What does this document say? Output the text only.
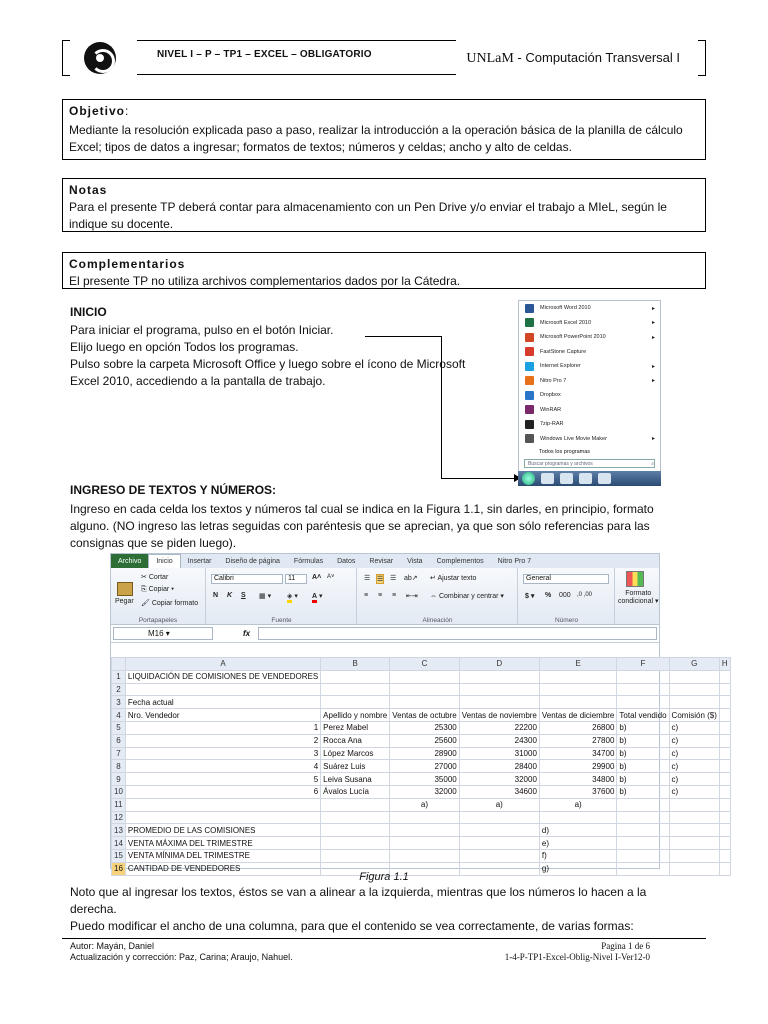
NIVEL I – P – TP1 – EXCEL – OBLIGATORIO	UNLaM - Computación Transversal I
Objetivo:
Mediante la resolución explicada paso a paso, realizar la introducción a la operación básica de la planilla de cálculo Excel; tipos de datos a ingresar; formatos de textos; números y celdas; ancho y alto de celdas.
Notas
Para el presente TP deberá contar para almacenamiento con un Pen Drive y/o enviar el trabajo a MIeL, según le indique su docente.
Complementarios
El presente TP no utiliza archivos complementarios dados por la Cátedra.
INICIO
Para iniciar el programa, pulso en el botón Iniciar.
Elijo luego en opción Todos los programas.
Pulso sobre la carpeta Microsoft Office y luego sobre el ícono de Microsoft
Excel 2010, accediendo a la pantalla de trabajo.
Microsoft Word 2010	▸
Microsoft Excel 2010	▸
Microsoft PowerPoint 2010	▸
FastStone Capture
Internet Explorer	▸
Nitro Pro 7	▸
Dropbox
WinRAR
7zip-RAR
Windows Live Movie Maker	▸
Todos los programas
Buscar programas y archivos	⌕
INGRESO DE TEXTOS Y NÚMEROS:
Ingreso en cada celda los textos y números tal cual se indica en la Figura 1.1, sin darles, en principio, formato
alguno. (NO ingreso las letras seguidas con paréntesis que se aprecian, ya que son sólo referencias para las
consignas que se piden luego).
Archivo	Inicio	Insertar	Diseño de página	Fórmulas	Datos	Revisar	Vista	Complementos	Nitro Pro 7
Pegar
✂ Cortar
⎘ Copiar ▾
🖌 Copiar formato
Portapapeles
Calibri	11	A˄ A˅
N K S ▦ ▾ ◈ ▾ A ▾
Fuente
☰ ☰ ☰ ab↗
≡ ≡ ≡ ⇤⇥
↵ Ajustar texto
⇔ Combinar y centrar ▾
Alineación
General
$ ▾ % 000 ,0 ,00
Número
Formato
condicional ▾
M16 ▾	fx
	A	B	C	D	E	F	G	H
1	LIQUIDACIÓN DE COMISIONES DE VENDEDORES							
2								
3	Fecha actual							
4	Nro. Vendedor	Apellido y nombre	Ventas de octubre	Ventas de noviembre	Ventas de diciembre	Total vendido	Comisión ($)	
5	1	Perez Mabel	25300	22200	26800	b)	c)	
6	2	Rocca Ana	25600	24300	27800	b)	c)	
7	3	López Marcos	28900	31000	34700	b)	c)	
8	4	Suárez Luis	27000	28400	29900	b)	c)	
9	5	Leiva Susana	35000	32000	34800	b)	c)	
10	6	Ávalos Lucía	32000	34600	37600	b)	c)	
11			a)	a)	a)			
12								
13	PROMEDIO DE LAS COMISIONES				d)			
14	VENTA MÁXIMA DEL TRIMESTRE				e)			
15	VENTA MÍNIMA DEL TRIMESTRE				f)			
16	CANTIDAD DE VENDEDORES				g)			
Figura 1.1
Noto que al ingresar los textos, éstos se van a alinear a la izquierda, mientras que los números lo hacen a la
derecha.
Puedo modificar el ancho de una columna, para que el contenido se vea correctamente, de varias formas:
Autor: Mayán, Daniel
Actualización y corrección: Paz, Carina; Araujo, Nahuel.
Pagina 1 de 6
1-4-P-TP1-Excel-Oblig-Nivel I-Ver12-0
